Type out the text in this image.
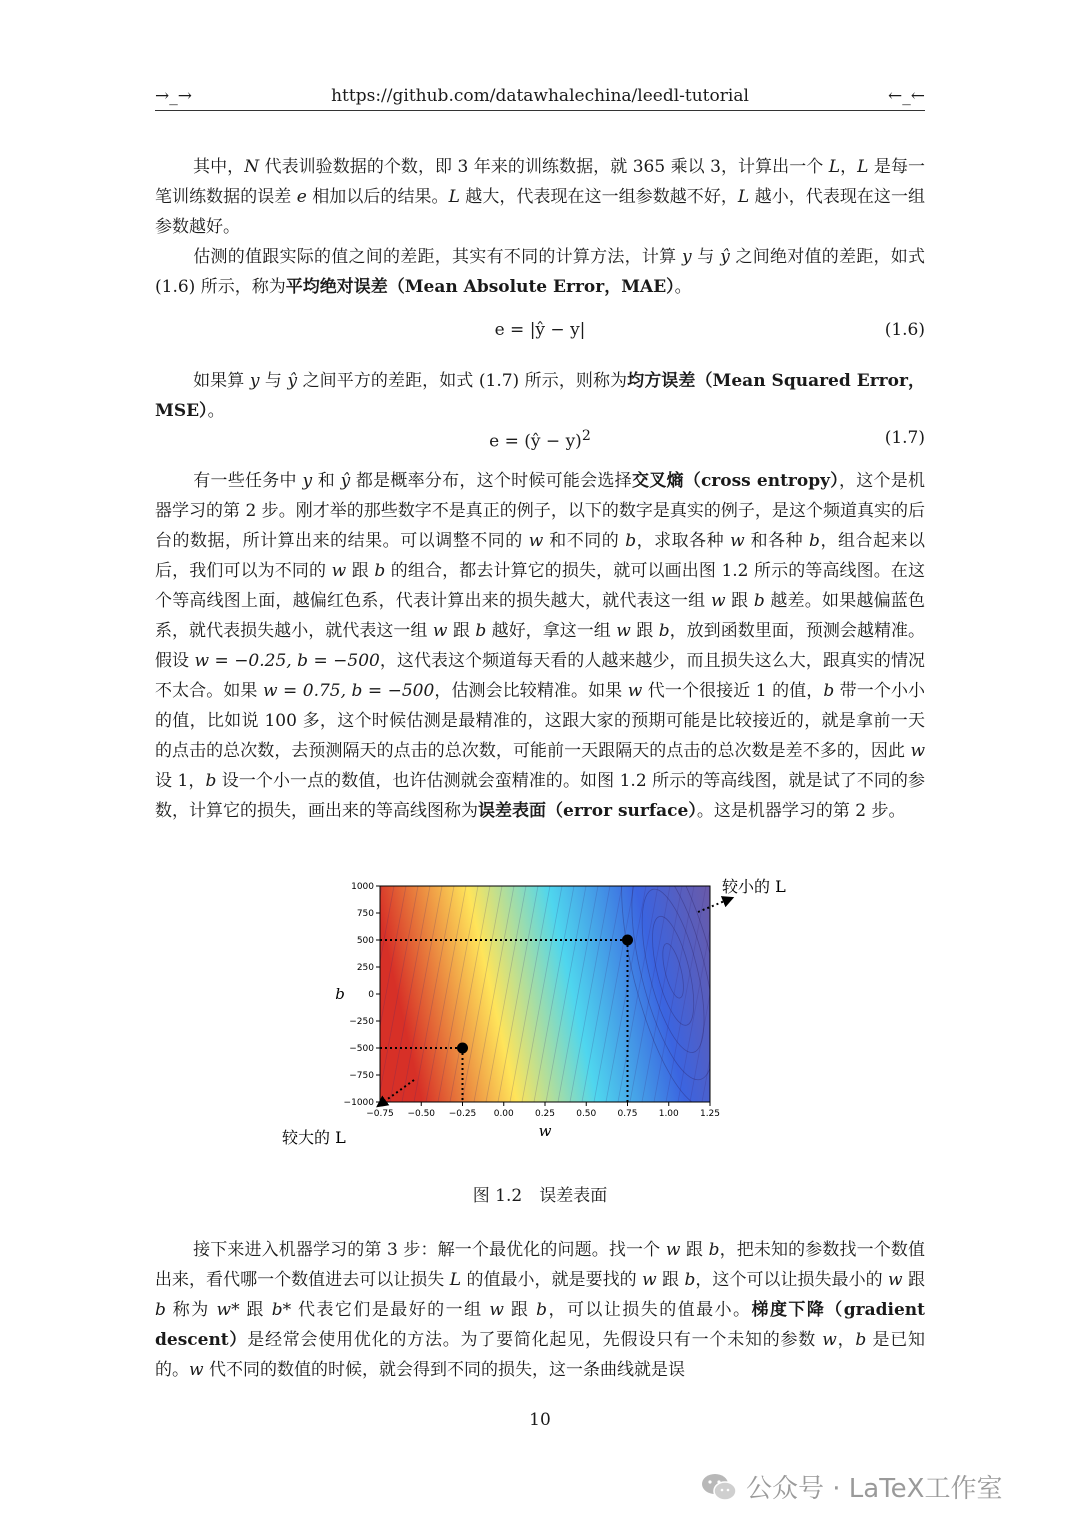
→_→	https://github.com/datawhalechina/leedl-tutorial	←_←
其中，N 代表训验数据的个数，即 3 年来的训练数据，就 365 乘以 3，计算出一个 L，L 是每一笔训练数据的误差 e 相加以后的结果。L 越大，代表现在这一组参数越不好，L 越小，代表现在这一组参数越好。
估测的值跟实际的值之间的差距，其实有不同的计算方法，计算 y 与 ŷ 之间绝对值的差距，如式 (1.6) 所示，称为平均绝对误差（Mean Absolute Error，MAE）。
e = |ŷ − y|	(1.6)
如果算 y 与 ŷ 之间平方的差距，如式 (1.7) 所示，则称为均方误差（Mean Squared Error，MSE）。
e = (ŷ − y)$^2$	(1.7)
有一些任务中 y 和 ŷ 都是概率分布，这个时候可能会选择交叉熵（cross entropy），这个是机器学习的第 2 步。刚才举的那些数字不是真正的例子，以下的数字是真实的例子，是这个频道真实的后台的数据，所计算出来的结果。可以调整不同的 w 和不同的 b，求取各种 w 和各种 b，组合起来以后，我们可以为不同的 w 跟 b 的组合，都去计算它的损失，就可以画出图 1.2 所示的等高线图。在这个等高线图上面，越偏红色系，代表计算出来的损失越大，就代表这一组 w 跟 b 越差。如果越偏蓝色系，就代表损失越小，就代表这一组 w 跟 b 越好，拿这一组 w 跟 b，放到函数里面，预测会越精准。假设 w = −0.25, b = −500，这代表这个频道每天看的人越来越少，而且损失这么大，跟真实的情况不太合。如果 w = 0.75, b = −500，估测会比较精准。如果 w 代一个很接近 1 的值，b 带一个小小的值，比如说 100 多，这个时候估测是最精准的，这跟大家的预期可能是比较接近的，就是拿前一天的点击的总次数，去预测隔天的点击的总次数，可能前一天跟隔天的点击的总次数是差不多的，因此 w 设 1，b 设一个小一点的数值，也许估测就会蛮精准的。如图 1.2 所示的等高线图，就是试了不同的参数，计算它的损失，画出来的等高线图称为误差表面（error surface）。这是机器学习的第 2 步。
−0.75 −0.50 −0.25 0.00 0.25 0.50 0.75 1.00 1.25
1000
750
500
250
0
−250
−500
−750
−1000
w
b
较小的 L
较大的 L
图 1.2　误差表面
接下来进入机器学习的第 3 步：解一个最优化的问题。找一个 w 跟 b，把未知的参数找一个数值出来，看代哪一个数值进去可以让损失 L 的值最小，就是要找的 w 跟 b，这个可以让损失最小的 w 跟 b 称为 w* 跟 b* 代表它们是最好的一组 w 跟 b，可以让损失的值最小。梯度下降（gradient descent）是经常会使用优化的方法。为了要简化起见，先假设只有一个未知的参数 w，b 是已知的。w 代不同的数值的时候，就会得到不同的损失，这一条曲线就是误
10
公众号 · LaTeX工作室
